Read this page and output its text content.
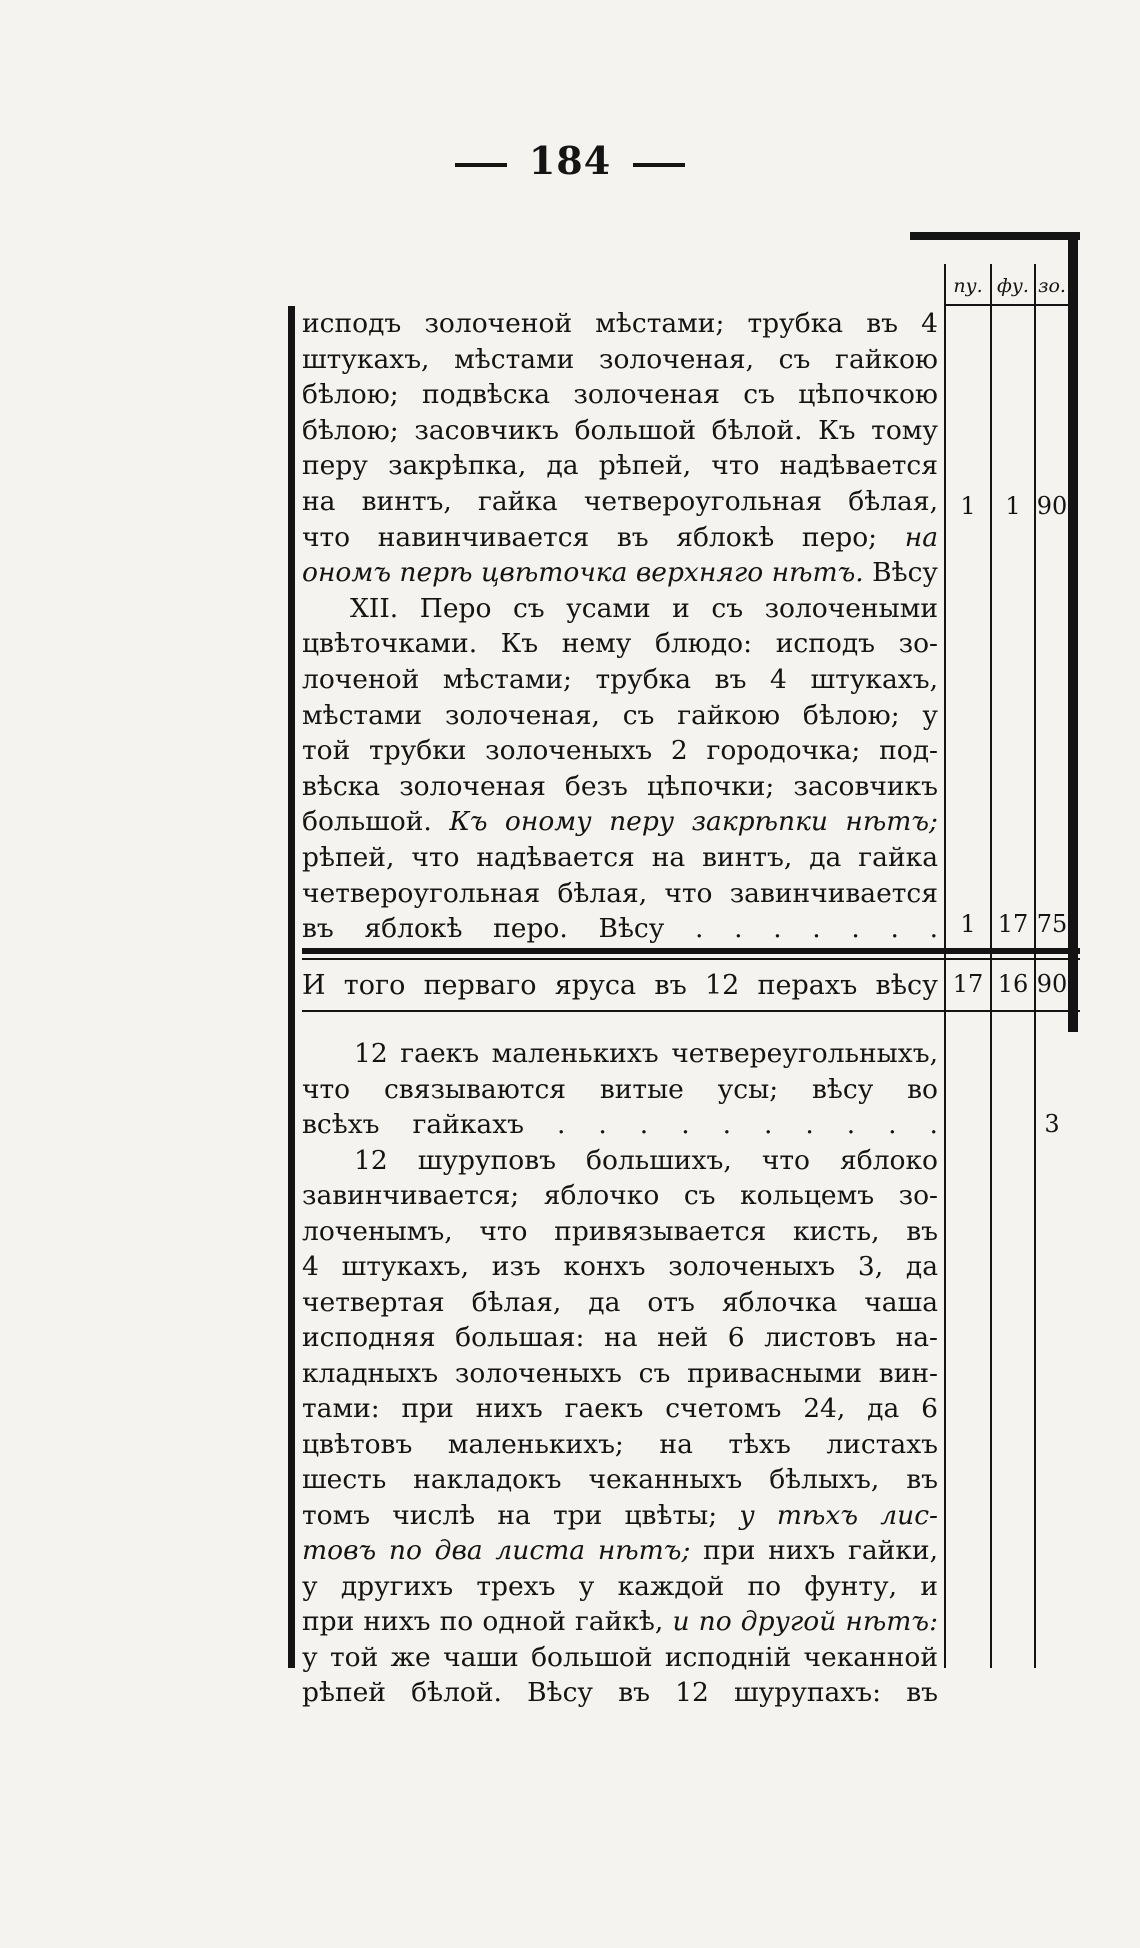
184
пу. фу. зо.
исподъ золоченой мѣстами; трубка въ 4
штукахъ, мѣстами золоченая, съ гайкою
бѣлою; подвѣска золоченая съ цѣпочкою
бѣлою; засовчикъ большой бѣлой. Къ тому
перу закрѣпка, да рѣпей, что надѣвается
на винтъ, гайка четвероугольная бѣлая,
что навинчивается въ яблокѣ перо; на
ономъ перѣ цвѣточка верхняго нѣтъ. Вѣсу
XII. Перо съ усами и съ золочеными
цвѣточками. Къ нему блюдо: исподъ зо-
лоченой мѣстами; трубка въ 4 штукахъ,
мѣстами золоченая, съ гайкою бѣлою; у
той трубки золоченыхъ 2 городочка; под-
вѣска золоченая безъ цѣпочки; засовчикъ
большой. Къ оному перу закрѣпки нѣтъ;
рѣпей, что надѣвается на винтъ, да гайка
четвероугольная бѣлая, что завинчивается
въ яблокѣ перо. Вѣсу . . . . . . .
1	1 90
1 17 75
И того перваго яруса въ 12 перахъ вѣсу 17 16 90
12 гаекъ маленькихъ четвереугольныхъ,
что связываются витые усы; вѣсу во
всѣхъ гайкахъ . . . . . . . . . .
12 шуруповъ большихъ, что яблоко
завинчивается; яблочко съ кольцемъ зо-
лоченымъ, что привязывается кисть, въ
4 штукахъ, изъ конхъ золоченыхъ 3, да
четвертая бѣлая, да отъ яблочка чаша
исподняя большая: на ней 6 листовъ на-
кладныхъ золоченыхъ съ привасными вин-
тами: при нихъ гаекъ счетомъ 24, да 6
цвѣтовъ маленькихъ; на тѣхъ листахъ
шесть накладокъ чеканныхъ бѣлыхъ, въ
томъ числѣ на три цвѣты; у тѣхъ лис-
товъ по два листа нѣтъ; при нихъ гайки,
у другихъ трехъ у каждой по фунту, и
при нихъ по одной гайкѣ, и по другой нѣтъ:
у той же чаши большой исподній чеканной
рѣпей бѣлой. Вѣсу въ 12 шурупахъ: въ
3
